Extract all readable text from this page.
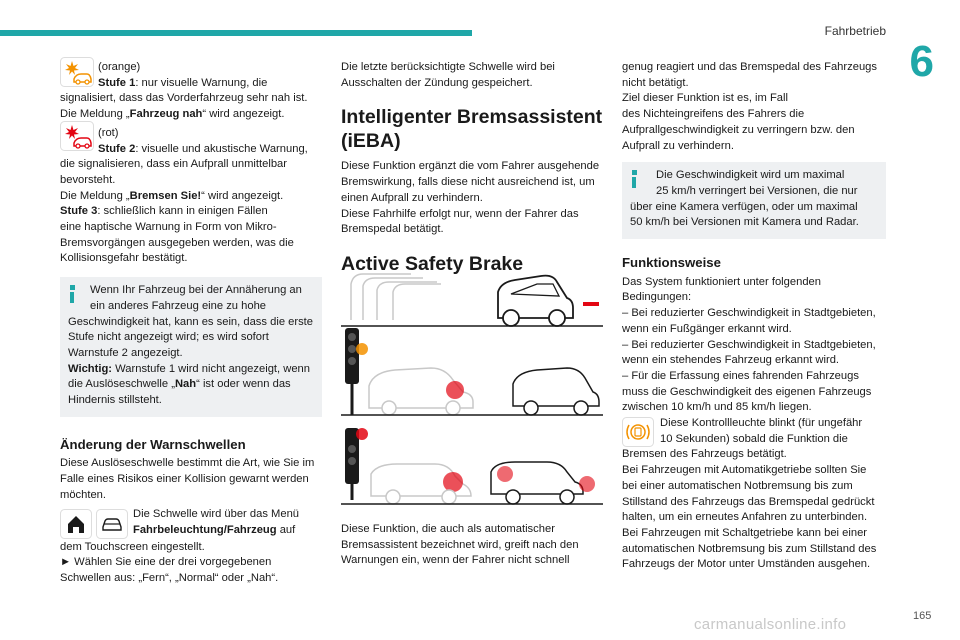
Fahrbetrieb
6

(orange)

Stufe 1: nur visuelle Warnung, die

signalisiert, dass das Vorderfahrzeug sehr nah ist.

Die Meldung „Fahrzeug nah“ wird angezeigt.

(rot)

Stufe 2: visuelle und akustische Warnung,

die signalisieren, dass ein Aufprall unmittelbar

bevorsteht.

Die Meldung „Bremsen Sie!“ wird angezeigt.

Stufe 3: schließlich kann in einigen Fällen

eine haptische Warnung in Form von Mikro-

Bremsvorgängen ausgegeben werden, was die

Kollisionsgefahr bestätigt.

Wenn Ihr Fahrzeug bei der Annäherung an

ein anderes Fahrzeug eine zu hohe

Geschwindigkeit hat, kann es sein, dass die erste

Stufe nicht angezeigt wird; es wird sofort

Warnstufe 2 angezeigt.

Wichtig: Warnstufe 1 wird nicht angezeigt, wenn

die Auslöseschwelle „Nah“ ist oder wenn das

Hindernis stillsteht.

Änderung der Warnschwellen

Diese Auslöseschwelle bestimmt die Art, wie Sie im

Falle eines Risikos einer Kollision gewarnt werden

möchten.

Die Schwelle wird über das Menü

Fahrbeleuchtung/Fahrzeug auf

dem Touchscreen eingestellt.

► Wählen Sie eine der drei vorgegebenen

Schwellen aus: „Fern“, „Normal“ oder „Nah“.

Die letzte berücksichtigte Schwelle wird bei

Ausschalten der Zündung gespeichert.

Intelligenter Bremsassistent
(iEBA)

Diese Funktion ergänzt die vom Fahrer ausgehende

Bremswirkung, falls diese nicht ausreichend ist, um

einen Aufprall zu verhindern.

Diese Fahrhilfe erfolgt nur, wenn der Fahrer das

Bremspedal betätigt.

Active Safety Brake

Diese Funktion, die auch als automatischer

Bremsassistent bezeichnet wird, greift nach den

Warnungen ein, wenn der Fahrer nicht schnell

genug reagiert und das Bremspedal des Fahrzeugs

nicht betätigt.

Ziel dieser Funktion ist es, im Fall

des Nichteingreifens des Fahrers die

Aufprallgeschwindigkeit zu verringern bzw. den

Aufprall zu verhindern.

Die Geschwindigkeit wird um maximal

25 km/h verringert bei Versionen, die nur

über eine Kamera verfügen, oder um maximal

50 km/h bei Versionen mit Kamera und Radar.

Funktionsweise

Das System funktioniert unter folgenden

Bedingungen:

– Bei reduzierter Geschwindigkeit in Stadtgebieten,

wenn ein Fußgänger erkannt wird.

– Bei reduzierter Geschwindigkeit in Stadtgebieten,

wenn ein stehendes Fahrzeug erkannt wird.

– Für die Erfassung eines fahrenden Fahrzeugs

muss die Geschwindigkeit des eigenen Fahrzeugs

zwischen 10 km/h und 85 km/h liegen.

Diese Kontrollleuchte blinkt (für ungefähr

10 Sekunden) sobald die Funktion die

Bremsen des Fahrzeugs betätigt.

Bei Fahrzeugen mit Automatikgetriebe sollten Sie

bei einer automatischen Notbremsung bis zum

Stillstand des Fahrzeugs das Bremspedal gedrückt

halten, um ein erneutes Anfahren zu unterbinden.

Bei Fahrzeugen mit Schaltgetriebe kann bei einer

automatischen Notbremsung bis zum Stillstand des

Fahrzeugs der Motor unter Umständen ausgehen.

carmanualsonline.info	165
